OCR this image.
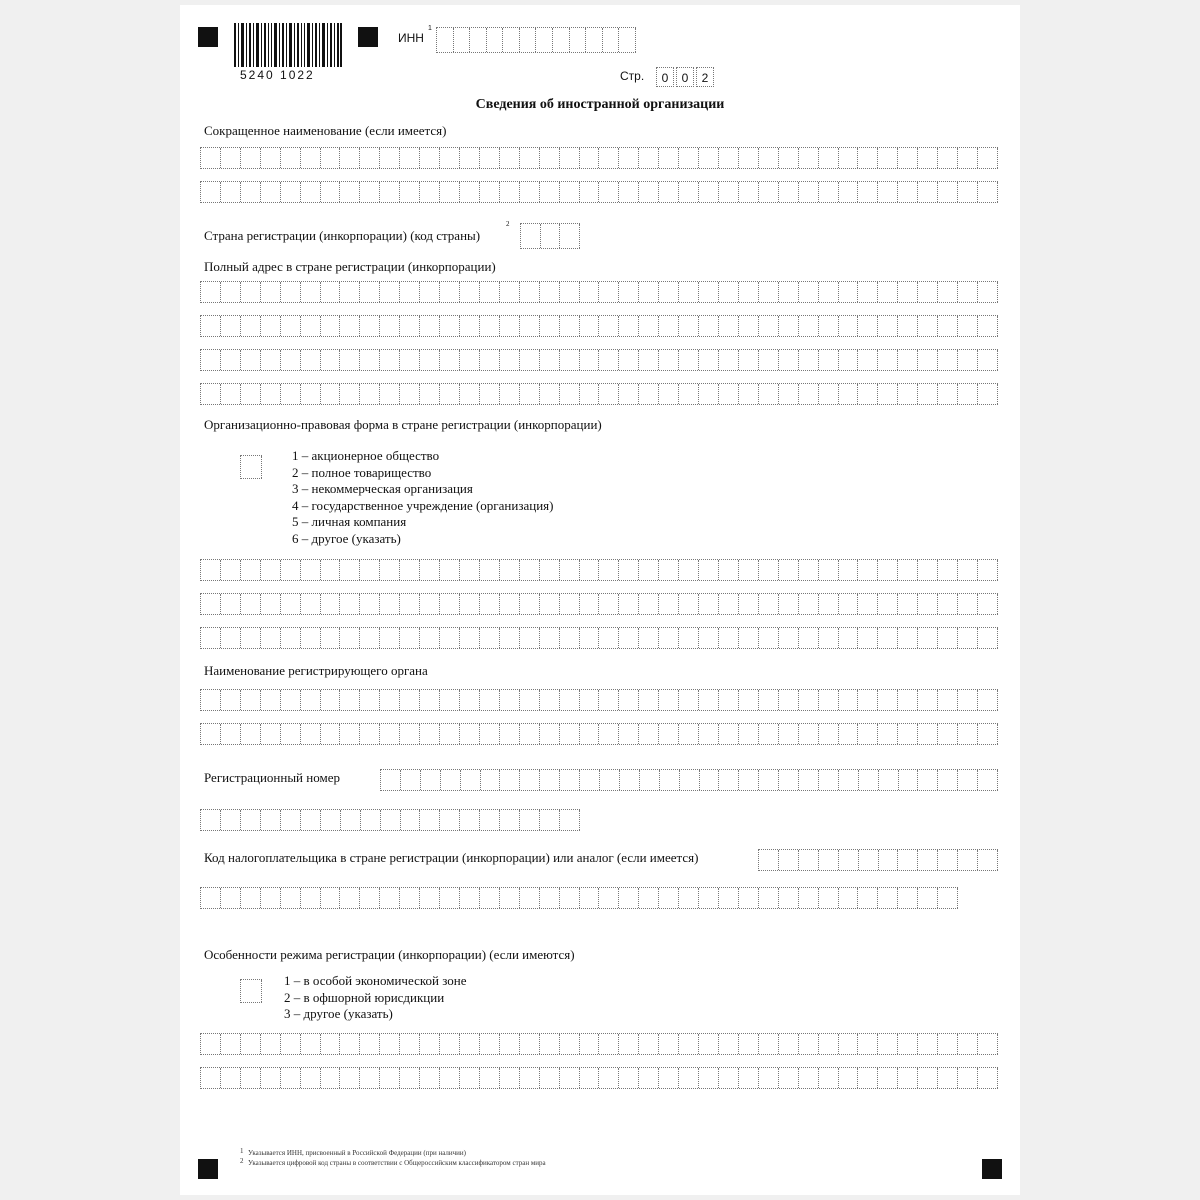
5240 1022
ИНН
1
Стр.	0	0	2
Сведения об иностранной организации
Сокращенное наименование (если имеется)
Страна регистрации (инкорпорации) (код страны)
2
Полный адрес в стране регистрации (инкорпорации)
Организационно-правовая форма в стране регистрации (инкорпорации)
1 – акционерное общество
2 – полное товарищество
3 – некоммерческая организация
4 – государственное учреждение (организация)
5 – личная компания
6 – другое (указать)
Наименование регистрирующего органа
Регистрационный номер
Код налогоплательщика в стране регистрации (инкорпорации) или аналог (если имеется)
Особенности режима регистрации (инкорпорации) (если имеются)
1 – в особой экономической зоне
2 – в офшорной юрисдикции
3 – другое (указать)
1
2
Указывается ИНН, присвоенный в Российской Федерации (при наличии)
Указывается цифровой код страны в соответствии с Общероссийским классификатором стран мира
